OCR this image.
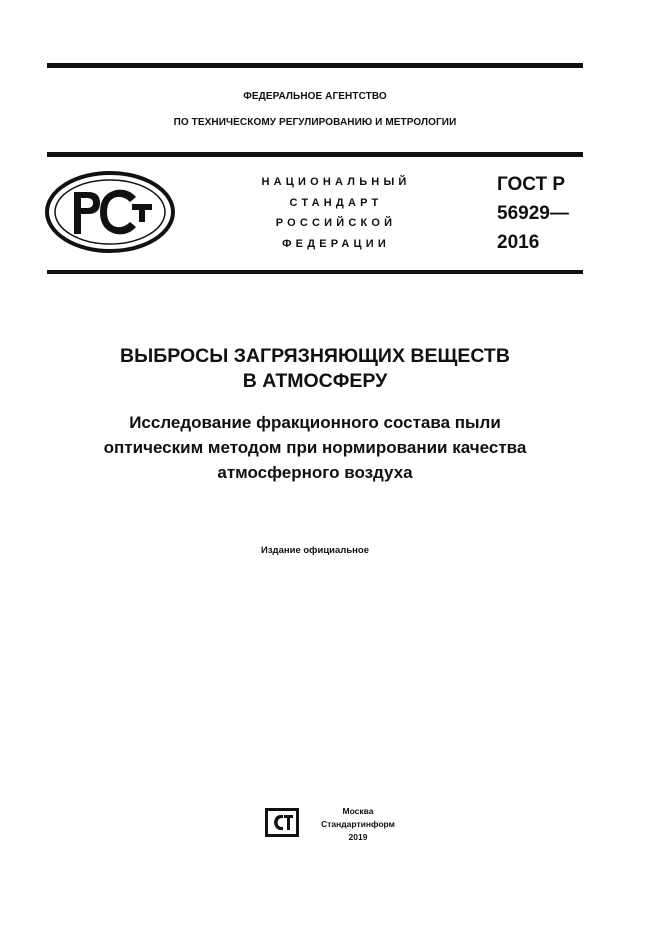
ФЕДЕРАЛЬНОЕ АГЕНТСТВО
ПО ТЕХНИЧЕСКОМУ РЕГУЛИРОВАНИЮ И МЕТРОЛОГИИ
НАЦИОНАЛЬНЫЙ
СТАНДАРТ
РОССИЙСКОЙ
ФЕДЕРАЦИИ
ГОСТ Р
56929—
2016
ВЫБРОСЫ ЗАГРЯЗНЯЮЩИХ ВЕЩЕСТВ
В АТМОСФЕРУ
Исследование фракционного состава пыли
оптическим методом при нормировании качества
атмосферного воздуха
Издание официальное
Москва
Стандартинформ
2019
